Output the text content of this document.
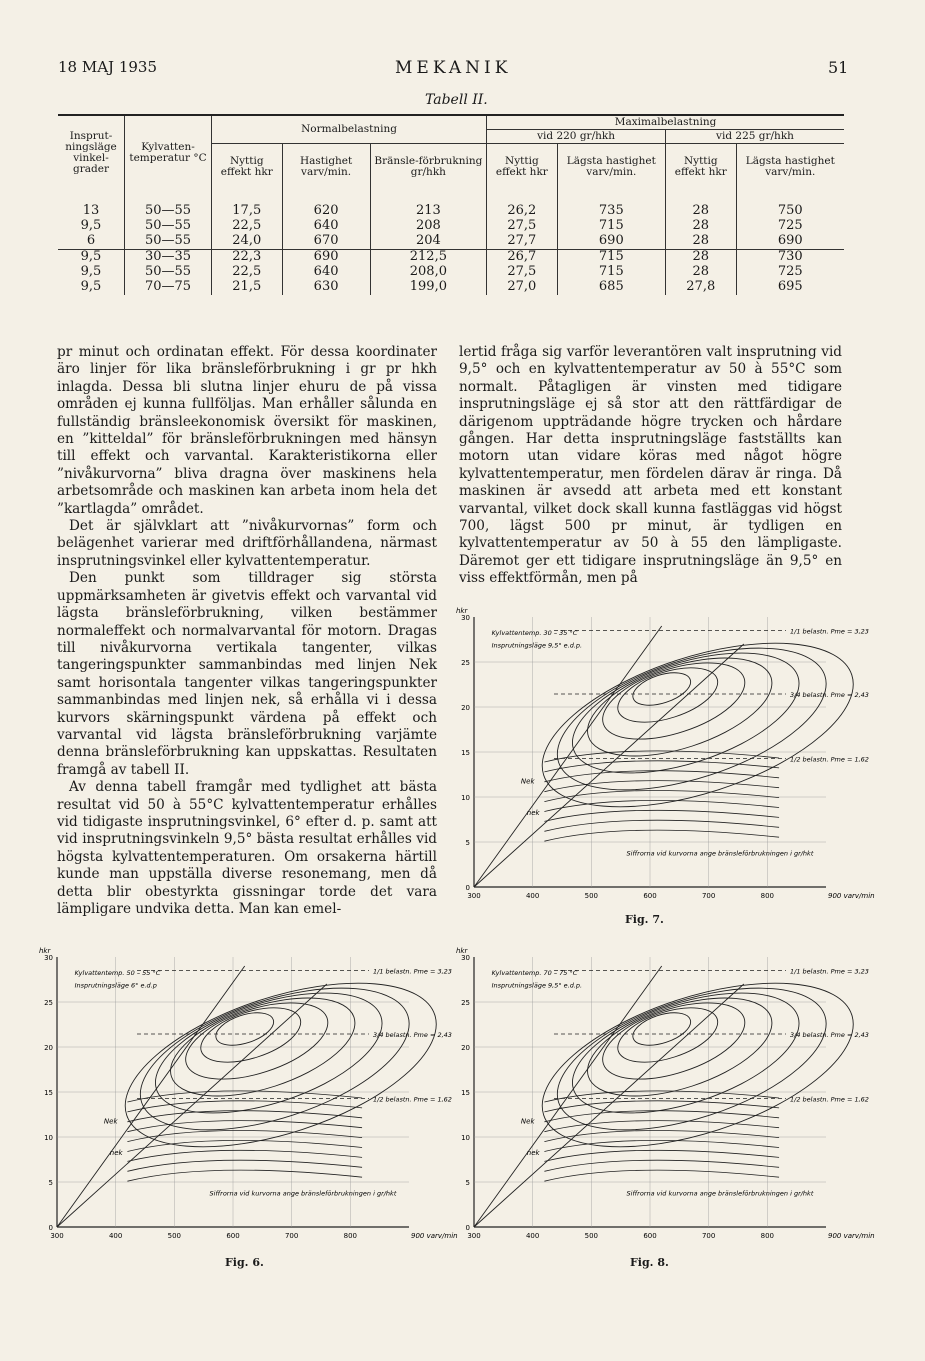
18 MAJ 1935	MEKANIK	51
Tabell II.
Insprut-ningsläge vinkel-grader	Kylvatten-temperatur °C	Normalbelastning			Maximalbelastning			
					vid 220 gr/hkh		vid 225 gr/hkh	
		Nyttig effekt hkr	Hastighet varv/min.	Bränsle-förbrukning gr/hkh	Nyttig effekt hkr	Lägsta hastighet varv/min.	Nyttig effekt hkr	Lägsta hastighet varv/min.
13	50—55	17,5	620	213	26,2	735	28	750
9,5	50—55	22,5	640	208	27,5	715	28	725
6	50—55	24,0	670	204	27,7	690	28	690
9,5	30—35	22,3	690	212,5	26,7	715	28	730
9,5	50—55	22,5	640	208,0	27,5	715	28	725
9,5	70—75	21,5	630	199,0	27,0	685	27,8	695

pr minut och ordinatan effekt. För dessa koordinater äro linjer för lika bränsleförbrukning i gr pr hkh inlagda. Dessa bli slutna linjer ehuru de på vissa områden ej kunna fullföljas. Man erhåller sålunda en fullständig bränsleekonomisk översikt för maskinen, en ”kitteldal” för bränsleförbrukningen med hänsyn till effekt och varvantal. Karakteristikorna eller ”nivåkurvorna” bliva dragna över maskinens hela arbetsområde och maskinen kan arbeta inom hela det ”kartlagda” området.

Det är självklart att ”nivåkurvornas” form och belägenhet varierar med driftförhållandena, närmast insprutningsvinkel eller kylvattentemperatur.

Den punkt som tilldrager sig största uppmärksamheten är givetvis effekt och varvantal vid lägsta bränsleförbrukning, vilken bestämmer normaleffekt och normalvarvantal för motorn. Dragas till nivåkurvorna vertikala tangenter, vilkas tangeringspunkter sammanbindas med linjen Nek samt horisontala tangenter vilkas tangeringspunkter sammanbindas med linjen nek, så erhålla vi i dessa kurvors skärningspunkt värdena på effekt och varvantal vid lägsta bränsleförbrukning varjämte denna bränsleförbrukning kan uppskattas. Resultaten framgå av tabell II.

Av denna tabell framgår med tydlighet att bästa resultat vid 50 à 55°C kylvattentemperatur erhålles vid tidigaste insprutningsvinkel, 6° efter d. p. samt att vid insprutningsvinkeln 9,5° bästa resultat erhålles vid högsta kylvattentemperaturen. Om orsakerna härtill kunde man uppställa diverse resonemang, men då detta blir obestyrkta gissningar torde det vara lämpligare undvika detta. Man kan emel-

lertid fråga sig varför leverantören valt insprutning vid 9,5° och en kylvattentemperatur av 50 à 55°C som normalt. Påtagligen är vinsten med tidigare insprutningsläge ej så stor att den rättfärdigar de därigenom uppträdande högre trycken och hårdare gången. Har detta insprutningsläge fastställts kan motorn utan vidare köras med något högre kylvattentemperatur, men fördelen därav är ringa. Då maskinen är avsedd att arbeta med ett konstant varvantal, vilket dock skall kunna fastläggas vid högst 700, lägst 500 pr minut, är tydligen en kylvattentemperatur av 50 à 55 den lämpligaste. Däremot ger ett tidigare insprutningsläge än 9,5° en viss effektförmån, men på

30
25
20
15
10
5
0
300	400	500	600	700	800	900 varv/min
hkr
1/1 belastn. Pme = 3,23
3/4 belastn. Pme = 2,43
1/2 belastn. Pme = 1,62
Nek
nek
Kylvattentemp. 30 – 35 °C
Insprutningsläge 9,5° e.d.p.
Siffrorna vid kurvorna ange bränsleförbrukningen i gr/hkt
Fig. 7.
30
25
20
15
10
5
0
300	400	500	600	700	800	900 varv/min
hkr
1/1 belastn. Pme = 3,23
3/4 belastn. Pme = 2,43
1/2 belastn. Pme = 1,62
Nek
nek
Kylvattentemp. 50 – 55 °C
Insprutningsläge 6° e.d.p
Siffrorna vid kurvorna ange bränsleförbrukningen i gr/hkt
Fig. 6.
30
25
20
15
10
5
0
300	400	500	600	700	800	900 varv/min
hkr
1/1 belastn. Pme = 3,23
3/4 belastn. Pme = 2,43
1/2 belastn. Pme = 1,62
Nek
nek
Kylvattentemp. 70 – 75 °C
Insprutningsläge 9,5° e.d.p.
Siffrorna vid kurvorna ange bränsleförbrukningen i gr/hkt
Fig. 8.
